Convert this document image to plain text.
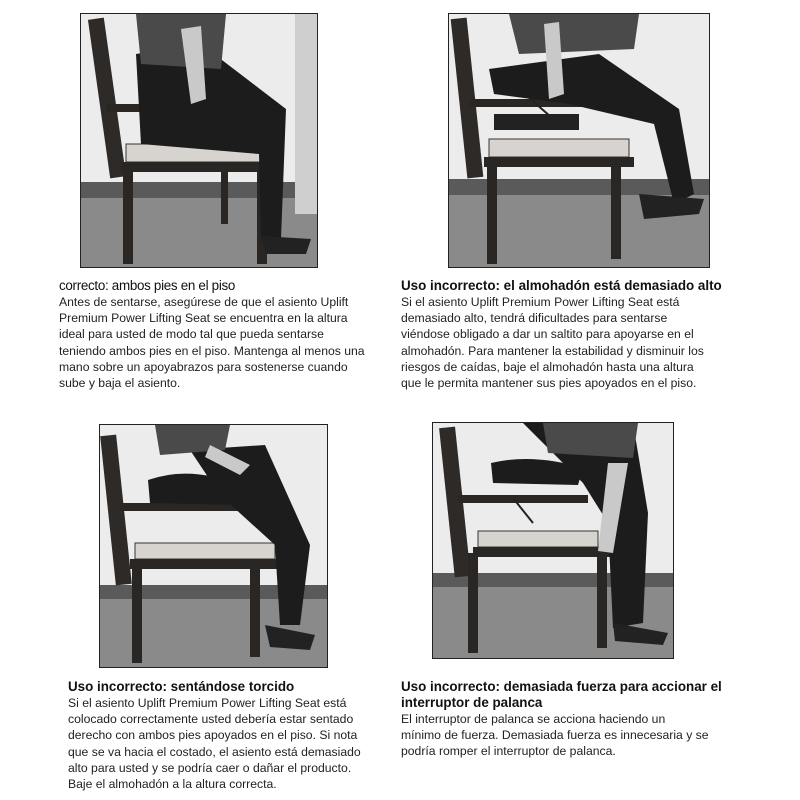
correcto: ambos pies en el piso
Antes de sentarse, asegúrese de que el asiento Uplift
Premium Power Lifting Seat se encuentra en la altura
ideal para usted de modo tal que pueda sentarse
teniendo ambos pies en el piso. Mantenga al menos una
mano sobre un apoyabrazos para sostenerse cuando
sube y baja el asiento.
Uso incorrecto: el almohadón está demasiado alto
Si el asiento Uplift Premium Power Lifting Seat está
demasiado alto, tendrá dificultades para sentarse
viéndose obligado a dar un saltito para apoyarse en el
almohadón. Para mantener la estabilidad y disminuir los
riesgos de caídas, baje el almohadón hasta una altura
que le permita mantener sus pies apoyados en el piso.
Uso incorrecto: sentándose torcido
Si el asiento Uplift Premium Power Lifting Seat está
colocado correctamente usted debería estar sentado
derecho con ambos pies apoyados en el piso. Si nota
que se va hacia el costado, el asiento está demasiado
alto para usted y se podría caer o dañar el producto.
Baje el almohadón a la altura correcta.
Uso incorrecto: demasiada fuerza para accionar el
interruptor de palanca
El interruptor de palanca se acciona haciendo un
mínimo de fuerza. Demasiada fuerza es innecesaria y se
podría romper el interruptor de palanca.
